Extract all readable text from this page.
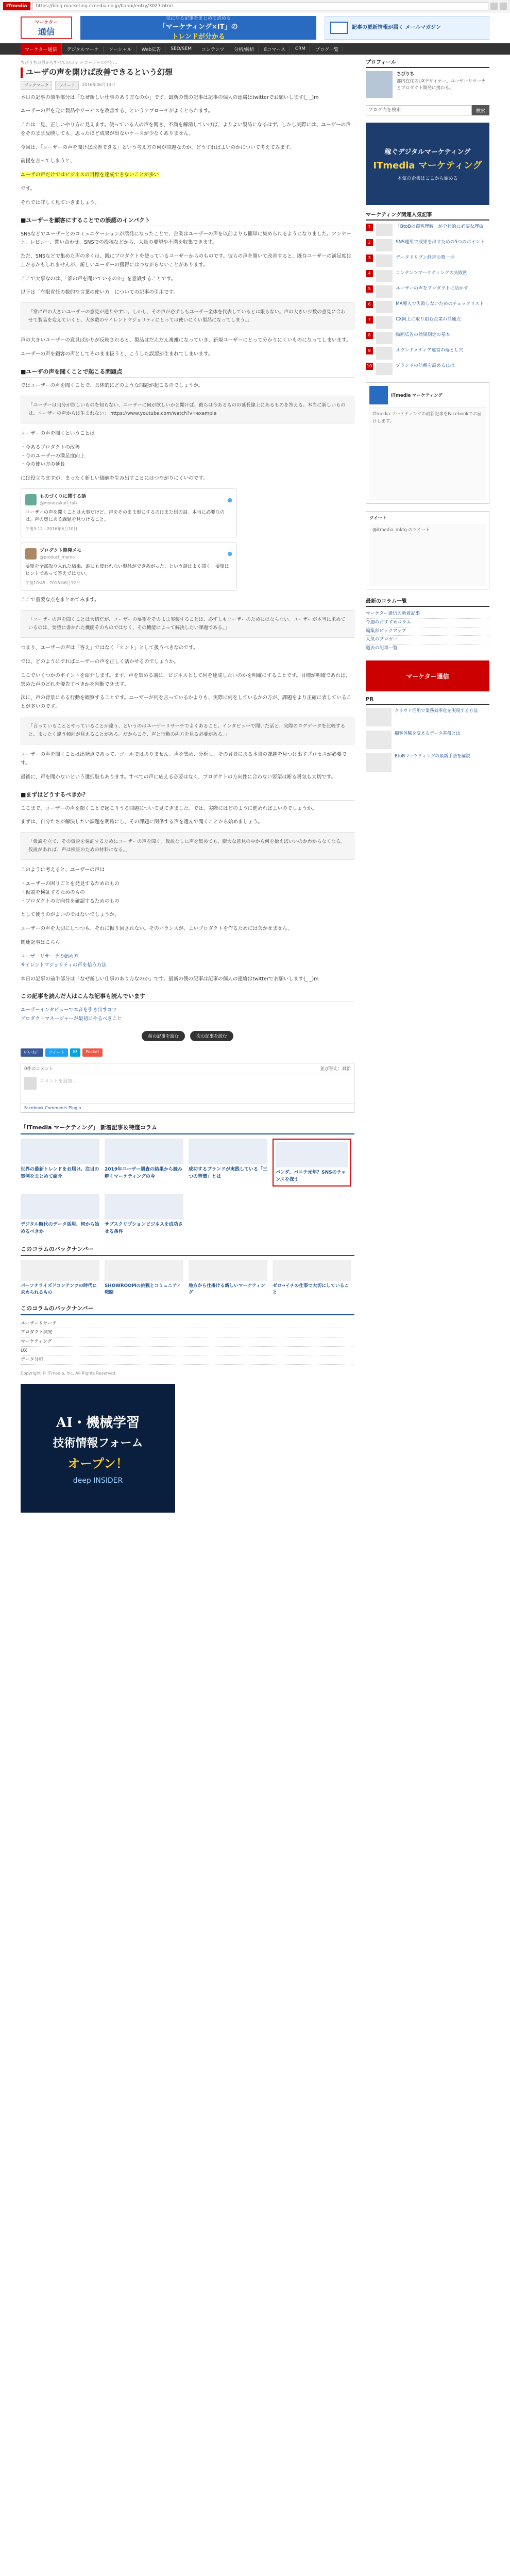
ITmedia	https://blog.marketing.itmedia.co.jp/hanoi/entry/3027.html
マーケター
通信
気になる記事をまとめて読める
「マーケティング×IT」の
トレンドが分かる
記事の更新情報が届く メールマガジン
マーケター通信	デジタルマーケ	ソーシャル	Web広告	SEO/SEM	コンテンツ	分析/解析	Eコマース	CRM	ブログ一覧
ちびりちの目からすべての日々 > ユーザーの声を…
ユーザの声を開けば改善できるという幻想
ブックマーク	ツイート	2016年06月14日

本日の記事の前半部分は「なぜ新しい仕事のあり方なのか」です。最新の僕の記事は記事の個人の連絡はtwitterでお願いします(_ _)m

ユーザーの声を元に製品やサービスを改善する、というアプローチがよくとられます。

これは一見、正しいやり方に見えます。使っている人の声を聞き、不満を解消していけば、よりよい製品になるはず。しかし実際には、ユーザーの声をそのまま反映しても、思ったほど成果が出ないケースが少なくありません。

今回は、「ユーザーの声を聞けば改善できる」という考え方の何が問題なのか、どうすればよいのかについて考えてみます。

前提を言ってしまうと、

ユーザの声だけではビジネスの目標を達成できないことが多い

です。

それでは詳しく見ていきましょう。

■ユーザーを顧客にすることでの誤認のインパクト

SNSなどでユーザーとのコミュニケーションが活発になったことで、企業はユーザーの声を以前よりも簡単に集められるようになりました。アンケート、レビュー、問い合わせ、SNSでの投稿などから、大量の要望や不満を収集できます。

ただ、SNSなどで集めた声の多くは、既にプロダクトを使っているユーザーからのものです。彼らの声を聞いて改善すると、既存ユーザーの満足度は上がるかもしれませんが、新しいユーザーの獲得にはつながらないことがあります。

ここで大事なのは、「誰の声を聞いているのか」を意識することです。

以下は「有限責任の数的な言葉の使い方」についての記事の引用です。

「常に声の大きいユーザーの意見が通りやすい。しかし、その声が必ずしもユーザー全体を代表しているとは限らない。声の大きい少数の意見に合わせて製品を変えていくと、大多数のサイレントマジョリティにとっては使いにくい製品になってしまう。」

声の大きいユーザーの意見ばかりが反映されると、製品はだんだん複雑になっていき、新規ユーザーにとって分かりにくいものになってしまいます。

ユーザーの声を顧客の声としてそのまま扱うと、こうした誤認が生まれてしまいます。

■ユーザの声を聞くことで起こる問題点

ではユーザーの声を聞くことで、具体的にどのような問題が起こるのでしょうか。

「ユーザーは自分が欲しいものを知らない。ユーザーに何が欲しいかと聞けば、彼らは今あるものの延長線上にあるものを答える。本当に新しいものは、ユーザーの声からは生まれない」 https://www.youtube.com/watch?v=example

ユーザーの声を聞くということは

・今あるプロダクトの改善

・今のユーザーの満足度向上

・今の使い方の延長

には役立ちますが、まったく新しい価値を生み出すことにはつながりにくいのです。

ものづくりに関する話
@monozukuri_talk
●
ユーザーの声を聞くことは大事だけど、声をそのまま形にするのはまた別の話。本当に必要なのは、声の奥にある課題を見つけること。
午後3:12 - 2016年6月10日
プロダクト開発メモ
@product_memo
●
要望を全部取り入れた結果、誰にも使われない製品ができあがった、という話はよく聞く。要望はヒントであって答えではない。
午前10:45 - 2016年6月12日

ここで重要な点をまとめてみます。

「ユーザーの声を聞くことは大切だが、ユーザーの要望をそのまま実装することは、必ずしもユーザーのためにはならない。ユーザーが本当に求めているのは、要望に書かれた機能そのものではなく、その機能によって解決したい課題である。」

つまり、ユーザーの声は「答え」ではなく「ヒント」として扱うべきなのです。

では、どのようにすればユーザーの声を正しく活かせるのでしょうか。

ここでいくつかのポイントを紹介します。まず、声を集める前に、ビジネスとして何を達成したいのかを明確にすることです。目標が明確であれば、集めた声のどれを優先すべきかを判断できます。

次に、声の背景にある行動を観察することです。ユーザーが何を言っているかよりも、実際に何をしているかの方が、課題をより正確に表していることが多いのです。

「言っていることとやっていることが違う、というのはユーザーリサーチでよくあること。インタビューで聞いた話と、実際のログデータを比較すると、まったく違う傾向が見えることがある。だからこそ、声と行動の両方を見る必要がある。」

ユーザーの声を聞くことは出発点であって、ゴールではありません。声を集め、分析し、その背景にある本当の課題を見つけ出すプロセスが必要です。

最後に、声を聞かないという選択肢もあります。すべての声に応える必要はなく、プロダクトの方向性に合わない要望は断る勇気も大切です。

■まずはどうするべきか？

ここまで、ユーザーの声を聞くことで起こりうる問題について見てきました。では、実際にはどのように進めればよいのでしょうか。

まずは、自分たちが解決したい課題を明確にし、その課題に関係する声を選んで聞くことから始めましょう。

「仮説を立て、その仮説を検証するためにユーザーの声を聞く。仮説なしに声を集めても、膨大な意見の中から何を拾えばいいのかわからなくなる。仮説があれば、声は検証のための材料になる。」

このように考えると、ユーザーの声は

・ユーザーの困りごとを発見するためのもの

・仮説を検証するためのもの

・プロダクトの方向性を確認するためのもの

として使うのがよいのではないでしょうか。

ユーザーの声を大切にしつつも、それに振り回されない。そのバランスが、よいプロダクトを作るためには欠かせません。

関連記事はこちら

ユーザーリサーチの始め方
サイレントマジョリティの声を拾う方法

本日の記事の前半部分は「なぜ新しい仕事のあり方なのか」です。最新の僕の記事は記事の個人の連絡はtwitterでお願いします(_ _)m

この記事を読んだ人はこんな記事も読んでいます
ユーザーインタビューで本音を引き出すコツ
プロダクトマネージャーが最初にやるべきこと
前の記事を読む	次の記事を読む
いいね！	ツイート	B!	Pocket
0件のコメント	並び替え：最新
コメントを追加...
Facebook Comments Plugin
「ITmedia マーケティング」 新着記事＆特選コラム
世界の最新トレンドをお届け。注目の事例をまとめて紹介
2019年ユーザー調査の結果から読み解くマーケティングの今
成功するブランドが実践している「三つの習慣」とは
パンダ、パニチ元年？SNSのチャンスを探す
デジタル時代のデータ活用、何から始めるべきか
サブスクリプションビジネスを成功させる条件
このコラムのバックナンバー
パーソナライズドコンテンツの時代に求められるもの
SHOWROOMの挑戦とコミュニティ戦略
地方から仕掛ける新しいマーケティング
ゼロ→イチの仕事で大切にしていること
このコラムのバックナンバー
ユーザーリサーチ
プロダクト開発
マーケティング
UX
データ分析
Copyright © ITmedia, Inc. All Rights Reserved.
AI・機械学習
技術情報フォーム
オープン！
deep INSIDER
プロフィール
ちびりち
都内在住のUXデザイナー。ユーザーリサーチとプロダクト開発に携わる。
ブログ内を検索
検索
稼ぐデジタルマーケティング
ITmedia マーケティング
本気の企業はここから始める
マーケティング関連人気記事
1	「BtoBの顧客理解」が全社的に必要な理由
2	SNS運用で成果を出すための5つのポイント
3	データドリブン経営の第一歩
4	コンテンツマーケティングの失敗例
5	ユーザーの声をプロダクトに活かす
6	MA導入で失敗しないためのチェックリスト
7	CX向上に取り組む企業の共通点
8	動画広告の効果測定の基本
9	オウンドメディア運営の落とし穴
10	ブランドの信頼を高めるには
ITmedia マーケティング
ITmedia マーケティングの最新記事をFacebookでお届けします。
ツイート
@itmedia_mktg のツイート
最新のコラム一覧
マーケター通信の新着記事
今週のおすすめコラム
編集部ピックアップ
人気のブロガー
過去の記事一覧
マーケター通信
PR
クラウド活用で業務効率化を実現する方法
顧客体験を変えるデータ基盤とは
BtoBマーケティングの最新手法を解説
